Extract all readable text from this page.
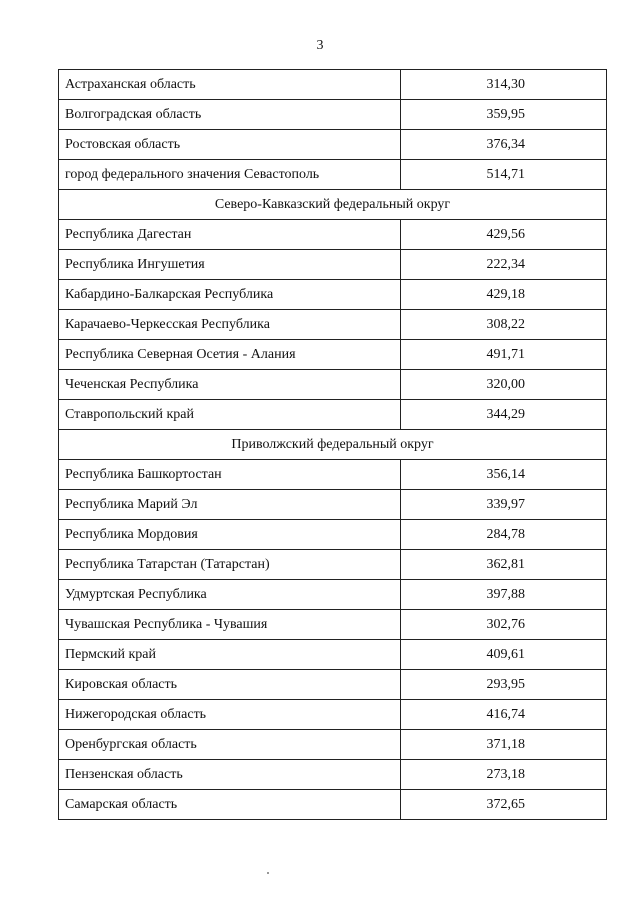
3
Астраханская область	314,30
Волгоградская область	359,95
Ростовская область	376,34
город федерального значения Севастополь	514,71
Северо-Кавказский федеральный округ	
Республика Дагестан	429,56
Республика Ингушетия	222,34
Кабардино-Балкарская Республика	429,18
Карачаево-Черкесская Республика	308,22
Республика Северная Осетия - Алания	491,71
Чеченская Республика	320,00
Ставропольский край	344,29
Приволжский федеральный округ	
Республика Башкортостан	356,14
Республика Марий Эл	339,97
Республика Мордовия	284,78
Республика Татарстан (Татарстан)	362,81
Удмуртская Республика	397,88
Чувашская Республика - Чувашия	302,76
Пермский край	409,61
Кировская область	293,95
Нижегородская область	416,74
Оренбургская область	371,18
Пензенская область	273,18
Самарская область	372,65
